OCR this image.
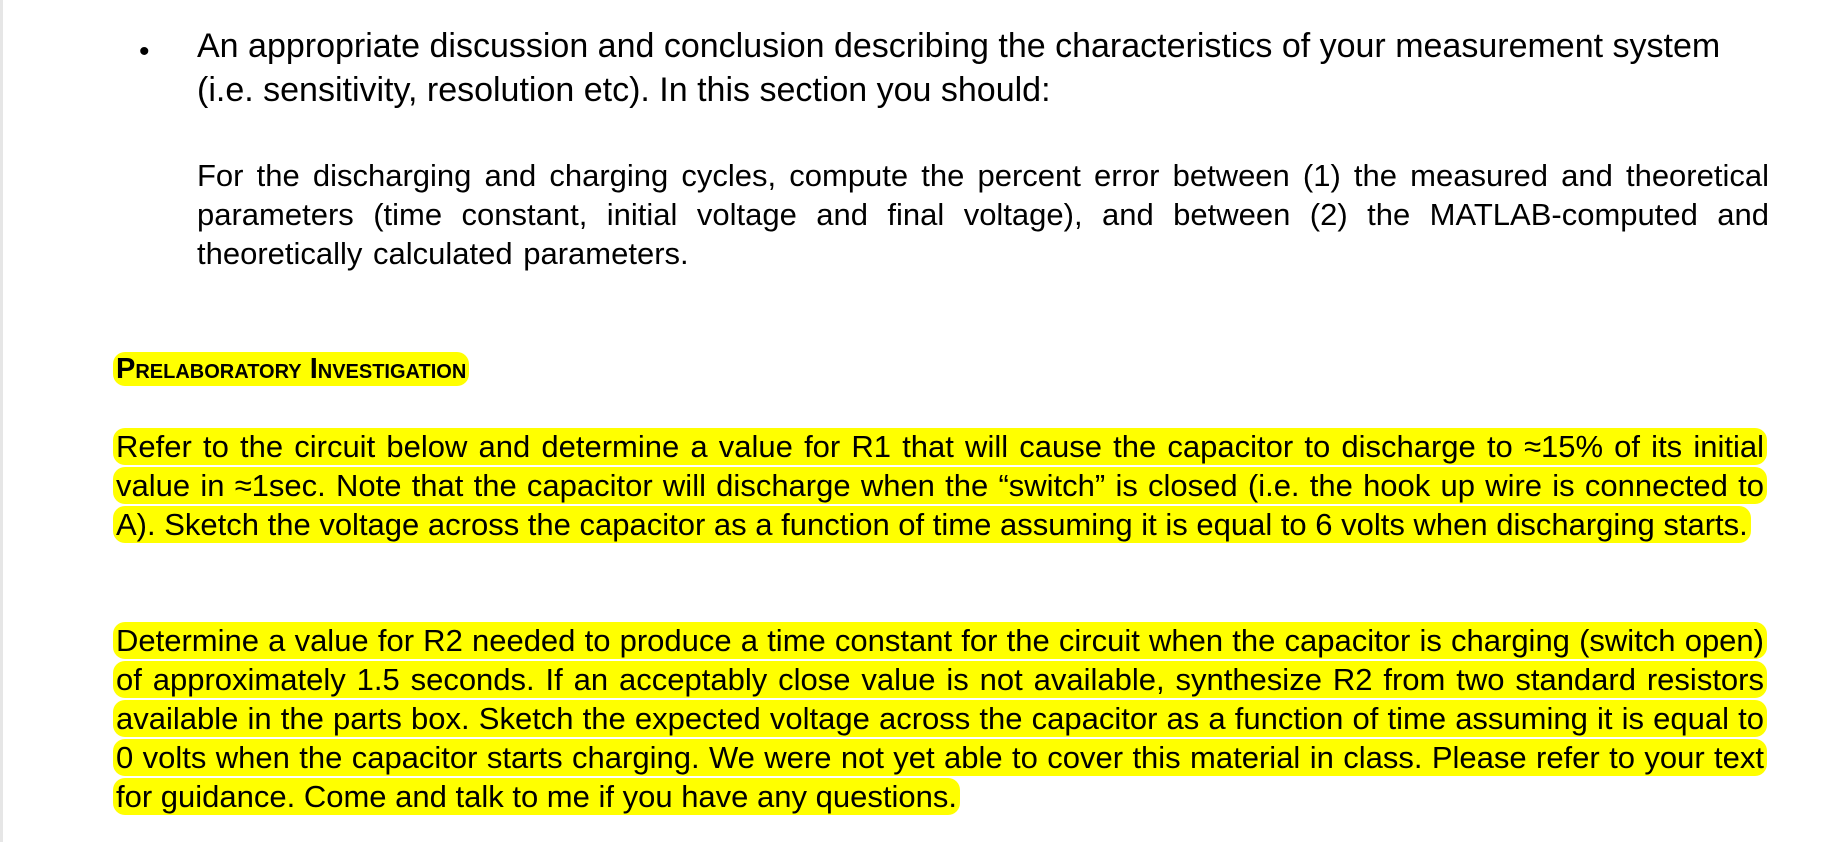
• An appropriate discussion and conclusion describing the characteristics of your measurement system (i.e. sensitivity, resolution etc). In this section you should:

For the discharging and charging cycles, compute the percent error between (1) the measured and theoretical parameters (time constant, initial voltage and final voltage), and between (2) the MATLAB-computed and theoretically calculated parameters.

Prelaboratory Investigation

Refer to the circuit below and determine a value for R1 that will cause the capacitor to discharge to ≈15% of its initial value in ≈1sec. Note that the capacitor will discharge when the “switch” is closed (i.e. the hook up wire is connected to A). Sketch the voltage across the capacitor as a function of time assuming it is equal to 6 volts when discharging starts.

Determine a value for R2 needed to produce a time constant for the circuit when the capacitor is charging (switch open) of approximately 1.5 seconds. If an acceptably close value is not available, synthesize R2 from two standard resistors available in the parts box. Sketch the expected voltage across the capacitor as a function of time assuming it is equal to 0 volts when the capacitor starts charging. We were not yet able to cover this material in class. Please refer to your text for guidance. Come and talk to me if you have any questions.
